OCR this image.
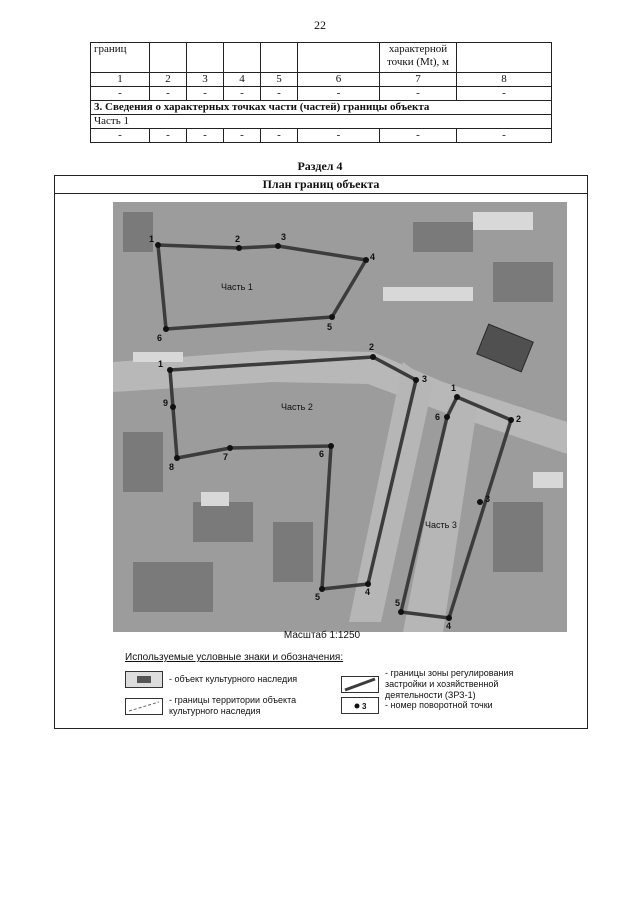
22
границ						характерной точки (Mt), м	
1	2	3	4	5	6	7	8
-	-	-	-	-	-	-	-
3. Сведения о характерных точках части (частей) границы объекта							
Часть 1							
-	-	-	-	-	-	-	-
Раздел 4
План границ объекта
Часть 1
Часть 2
Часть 3
1	2	3
4
5
6
1
2
3
9
8
7	6
5	4
1
2
3
6
5
4
Масштаб 1:1250
Используемые условные знаки и обозначения:
- объект культурного наследия
- границы территории объекта культурного наследия
- границы зоны регулирования застройки и хозяйственной деятельности (ЗРЗ-1)
3 - номер поворотной точки
